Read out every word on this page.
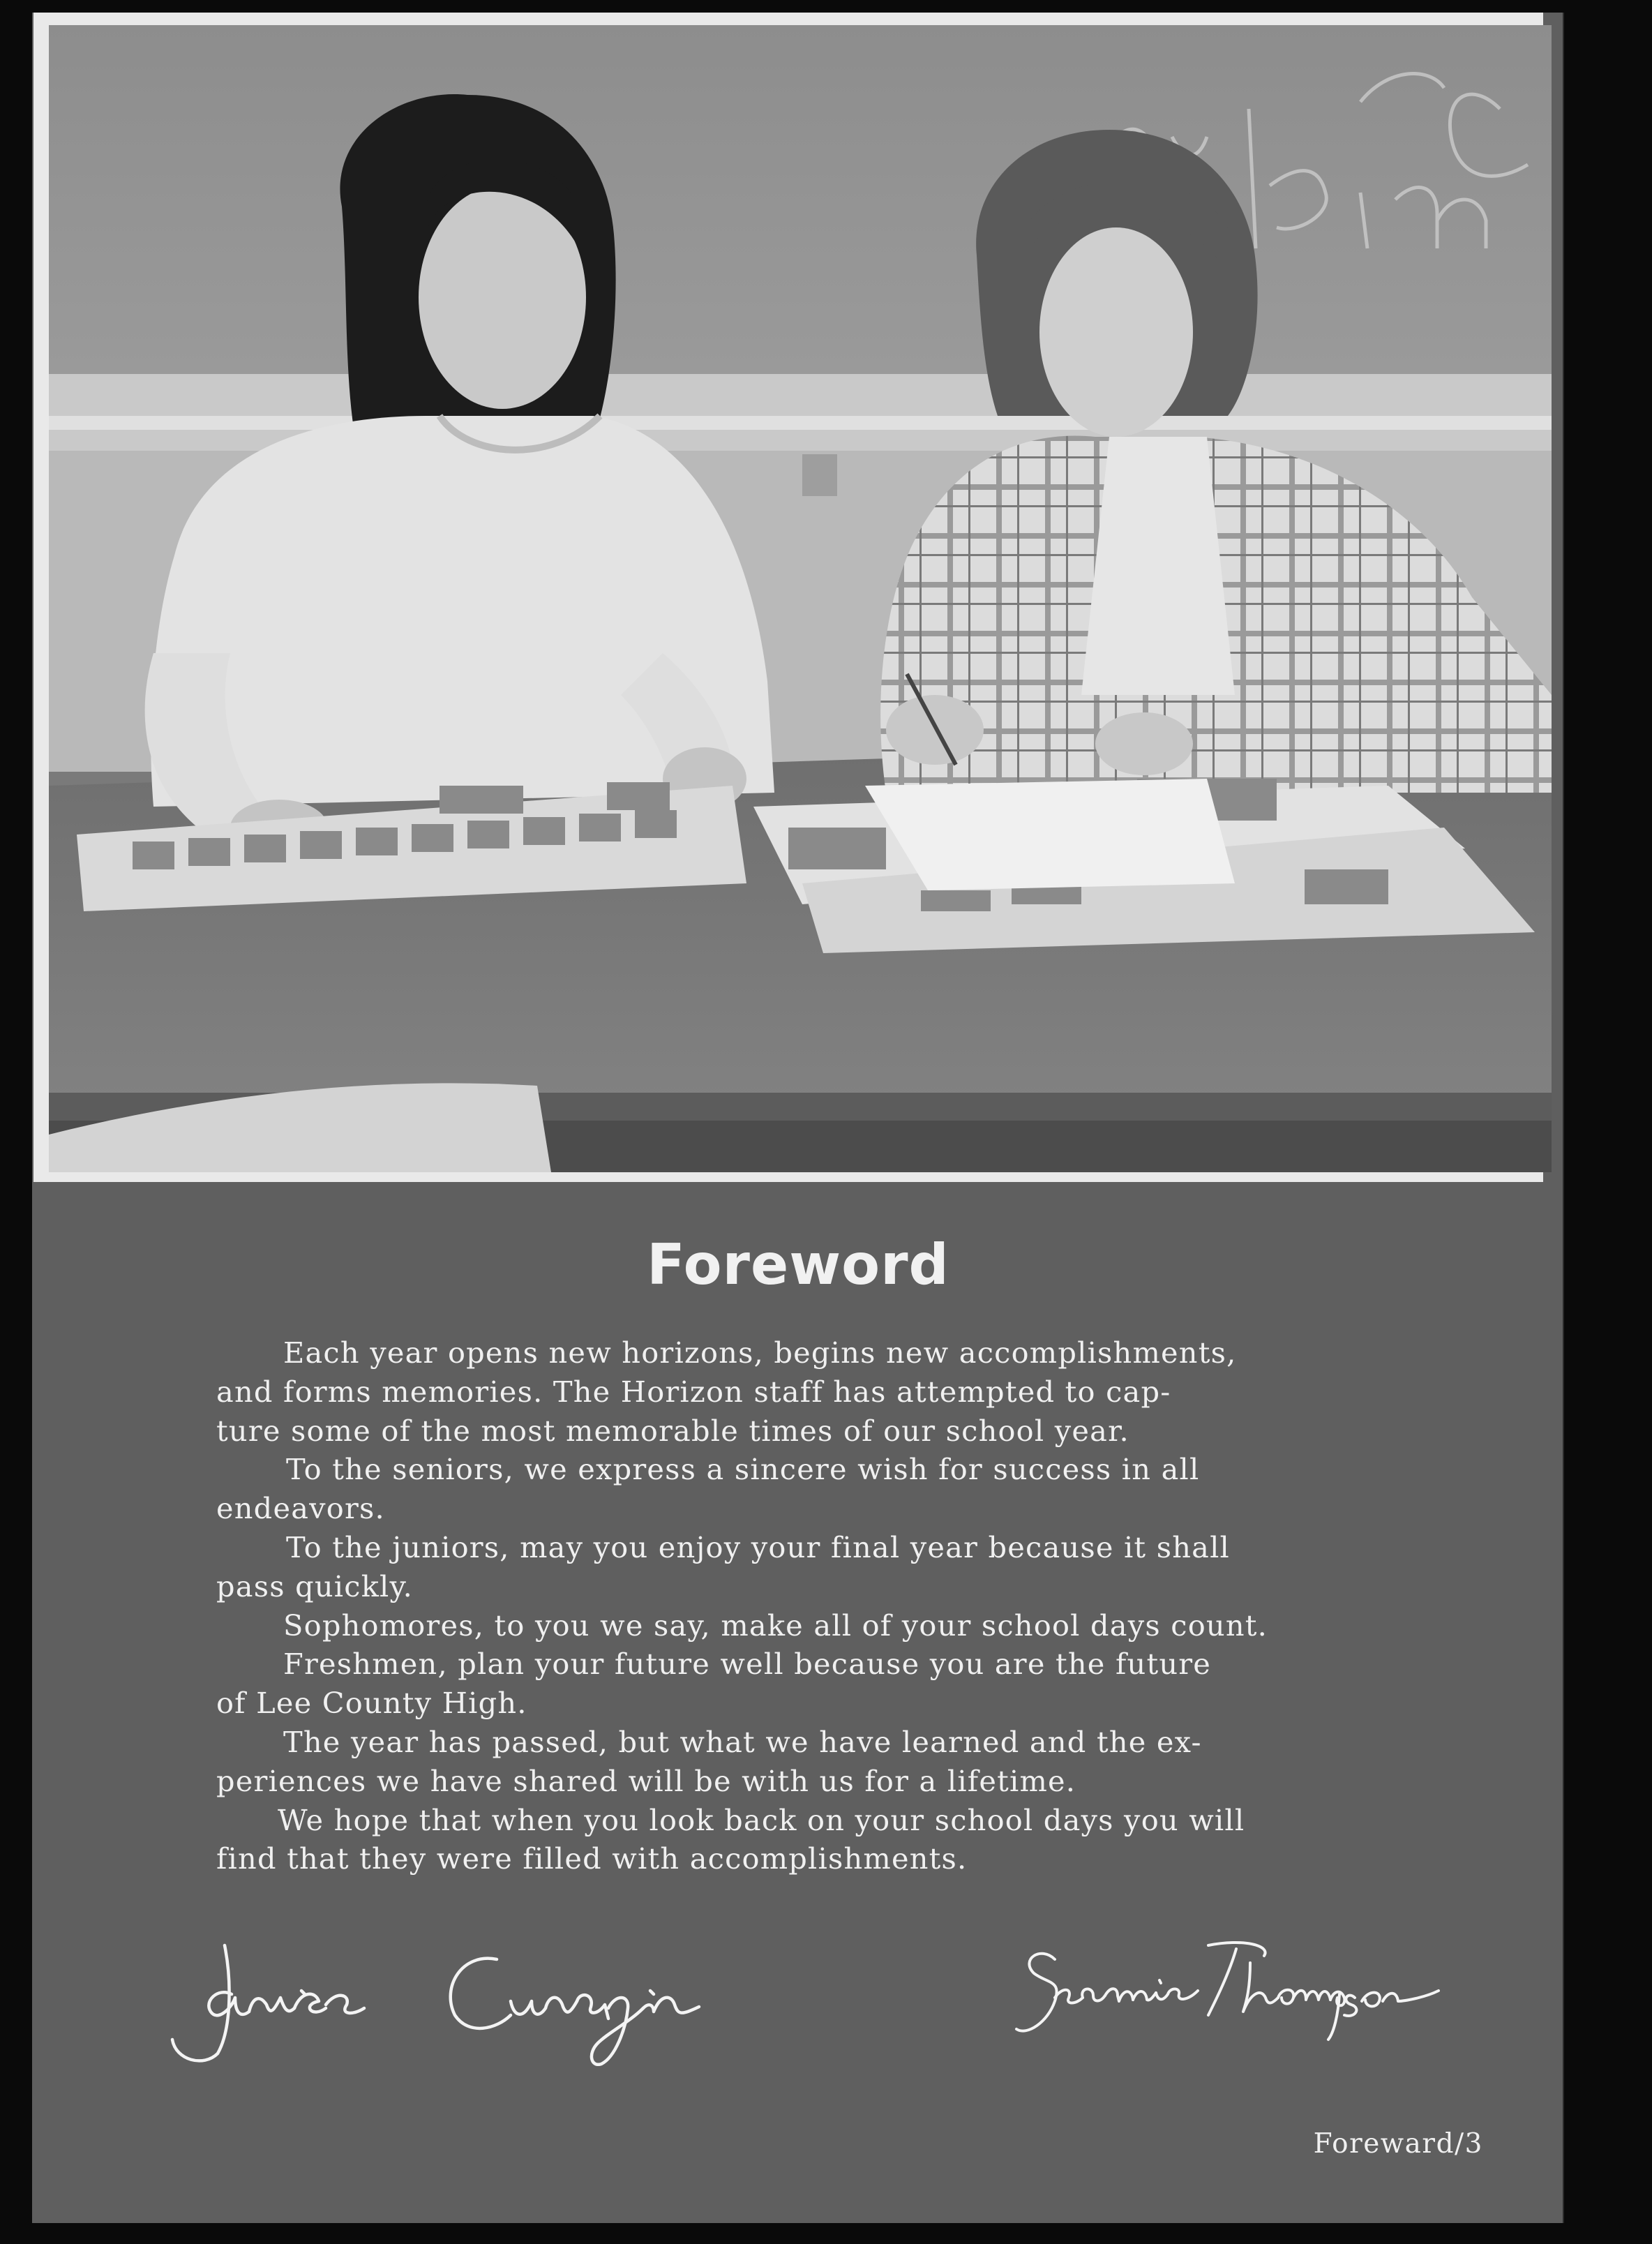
Foreword

Each year opens new horizons, begins new accomplishments,

and forms memories. The Horizon staff has attempted to cap-

ture some of the most memorable times of our school year.

To the seniors, we express a sincere wish for success in all

endeavors.

To the juniors, may you enjoy your final year because it shall

pass quickly.

Sophomores, to you we say, make all of your school days count.

Freshmen, plan your future well because you are the future

of Lee County High.

The year has passed, but what we have learned and the ex-

periences we have shared will be with us for a lifetime.

We hope that when you look back on your school days you will

find that they were filled with accomplishments.

Foreward/3
